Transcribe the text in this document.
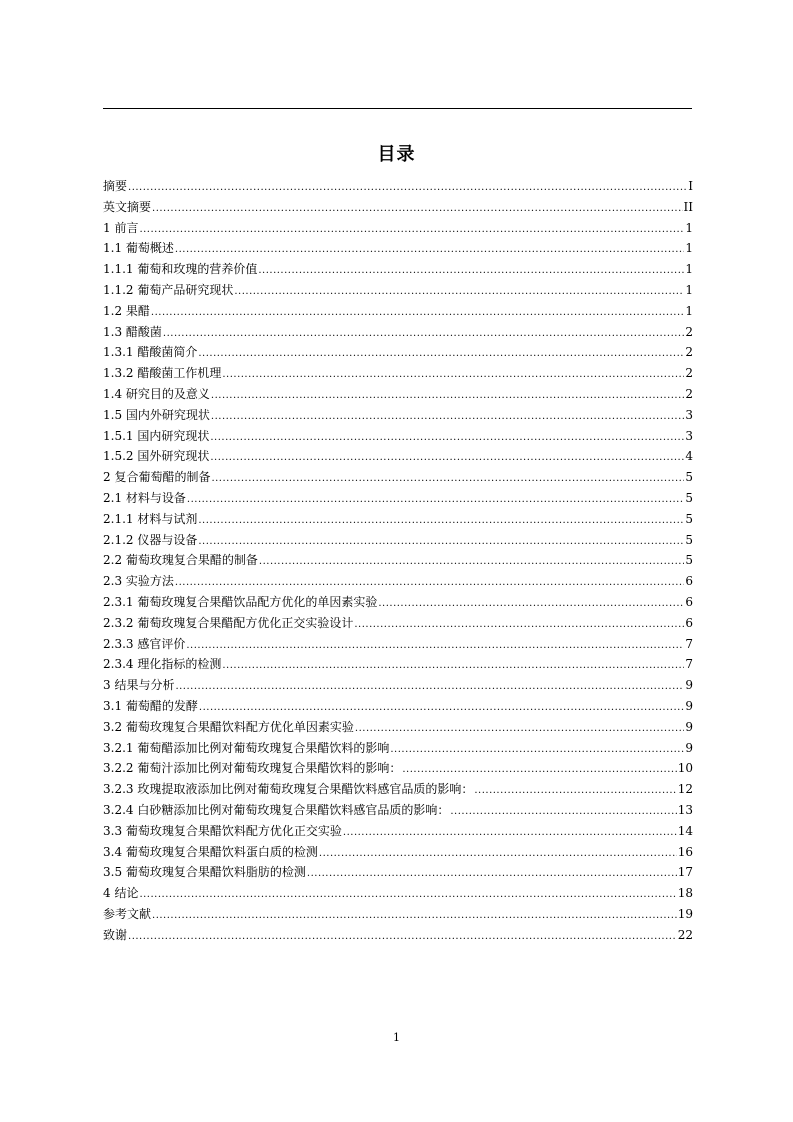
目录
摘要 .....	I
英文摘要 .....	II
1 前言 .....	1
1.1 葡萄概述 .....	1
1.1.1 葡萄和玫瑰的营养价值 .....	1
1.1.2 葡萄产品研究现状 .....	1
1.2 果醋 .....	1
1.3 醋酸菌 .....	2
1.3.1 醋酸菌简介 .....	2
1.3.2 醋酸菌工作机理 .....	2
1.4 研究目的及意义 .....	2
1.5 国内外研究现状 .....	3
1.5.1 国内研究现状 .....	3
1.5.2 国外研究现状 .....	4
2 复合葡萄醋的制备 .....	5
2.1 材料与设备 .....	5
2.1.1 材料与试剂 .....	5
2.1.2 仪器与设备 .....	5
2.2 葡萄玫瑰复合果醋的制备 .....	5
2.3 实验方法 .....	6
2.3.1 葡萄玫瑰复合果醋饮品配方优化的单因素实验 .....	6
2.3.2 葡萄玫瑰复合果醋配方优化正交实验设计 .....	6
2.3.3 感官评价 .....	7
2.3.4 理化指标的检测 .....	7
3 结果与分析 .....	9
3.1 葡萄醋的发酵 .....	9
3.2 葡萄玫瑰复合果醋饮料配方优化单因素实验 .....	9
3.2.1 葡萄醋添加比例对葡萄玫瑰复合果醋饮料的影响 .....	9
3.2.2 葡萄汁添加比例对葡萄玫瑰复合果醋饮料的影响： .....	10
3.2.3 玫瑰提取液添加比例对葡萄玫瑰复合果醋饮料感官品质的影响： .....	12
3.2.4 白砂糖添加比例对葡萄玫瑰复合果醋饮料感官品质的影响： .....	13
3.3 葡萄玫瑰复合果醋饮料配方优化正交实验 .....	14
3.4 葡萄玫瑰复合果醋饮料蛋白质的检测 .....	16
3.5 葡萄玫瑰复合果醋饮料脂肪的检测 .....	17
4 结论 .....	18
参考文献 .....	19
致谢 .....	22
1
